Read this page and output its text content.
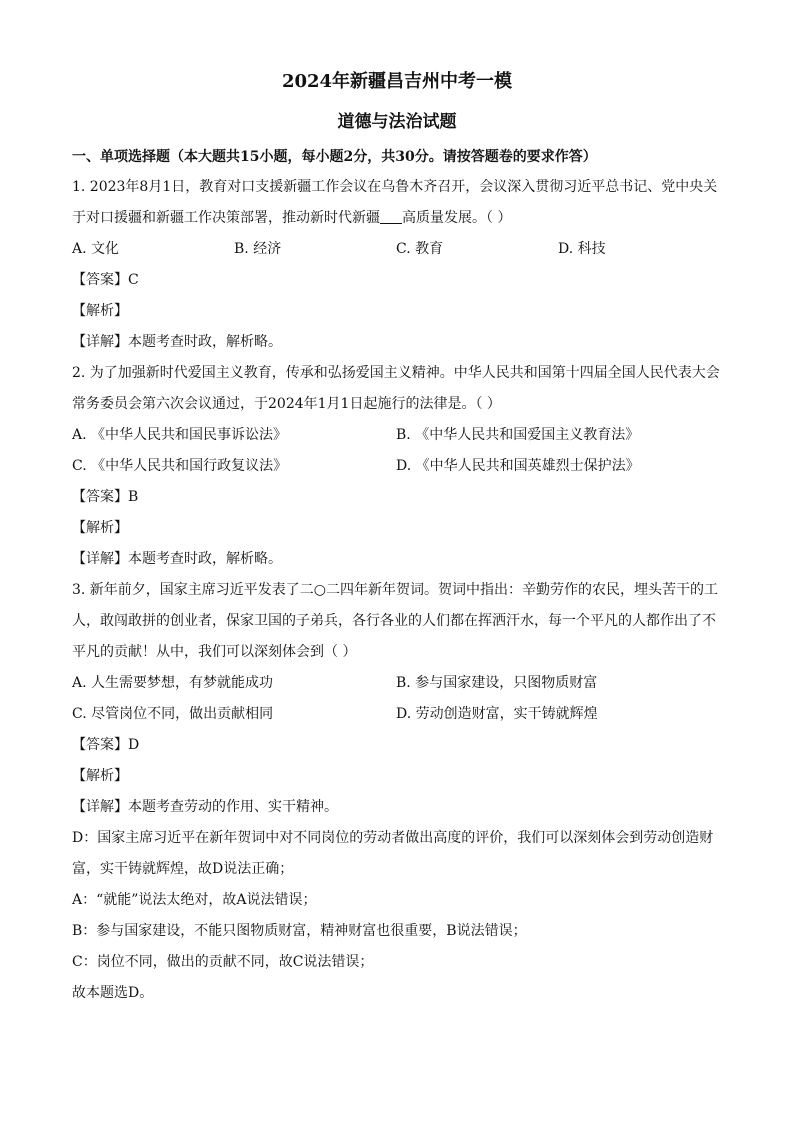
2024年新疆昌吉州中考一模
道德与法治试题
一、单项选择题（本大题共15小题，每小题2分，共30分。请按答题卷的要求作答）

1. 2023年8月1日，教育对口支援新疆工作会议在乌鲁木齐召开，会议深入贯彻习近平总书记、党中央关

于对口援疆和新疆工作决策部署，推动新时代新疆 高质量发展。（ ）

A. 文化	B. 经济	C. 教育	D. 科技

【答案】C

【解析】

【详解】本题考查时政，解析略。

2. 为了加强新时代爱国主义教育，传承和弘扬爱国主义精神。中华人民共和国第十四届全国人民代表大会

常务委员会第六次会议通过，于2024年1月1日起施行的法律是。（ ）

A. 《中华人民共和国民事诉讼法》	B. 《中华人民共和国爱国主义教育法》
C. 《中华人民共和国行政复议法》	D. 《中华人民共和国英雄烈士保护法》

【答案】B

【解析】

【详解】本题考查时政，解析略。

3. 新年前夕，国家主席习近平发表了二○二四年新年贺词。贺词中指出：辛勤劳作的农民，埋头苦干的工

人，敢闯敢拼的创业者，保家卫国的子弟兵，各行各业的人们都在挥洒汗水，每一个平凡的人都作出了不

平凡的贡献！从中，我们可以深刻体会到（ ）

A. 人生需要梦想，有梦就能成功	B. 参与国家建设，只图物质财富
C. 尽管岗位不同，做出贡献相同	D. 劳动创造财富，实干铸就辉煌

【答案】D

【解析】

【详解】本题考查劳动的作用、实干精神。

D：国家主席习近平在新年贺词中对不同岗位的劳动者做出高度的评价，我们可以深刻体会到劳动创造财

富，实干铸就辉煌，故D说法正确；

A：“就能”说法太绝对，故A说法错误；

B：参与国家建设，不能只图物质财富，精神财富也很重要，B说法错误；

C：岗位不同，做出的贡献不同，故C说法错误；

故本题选D。
